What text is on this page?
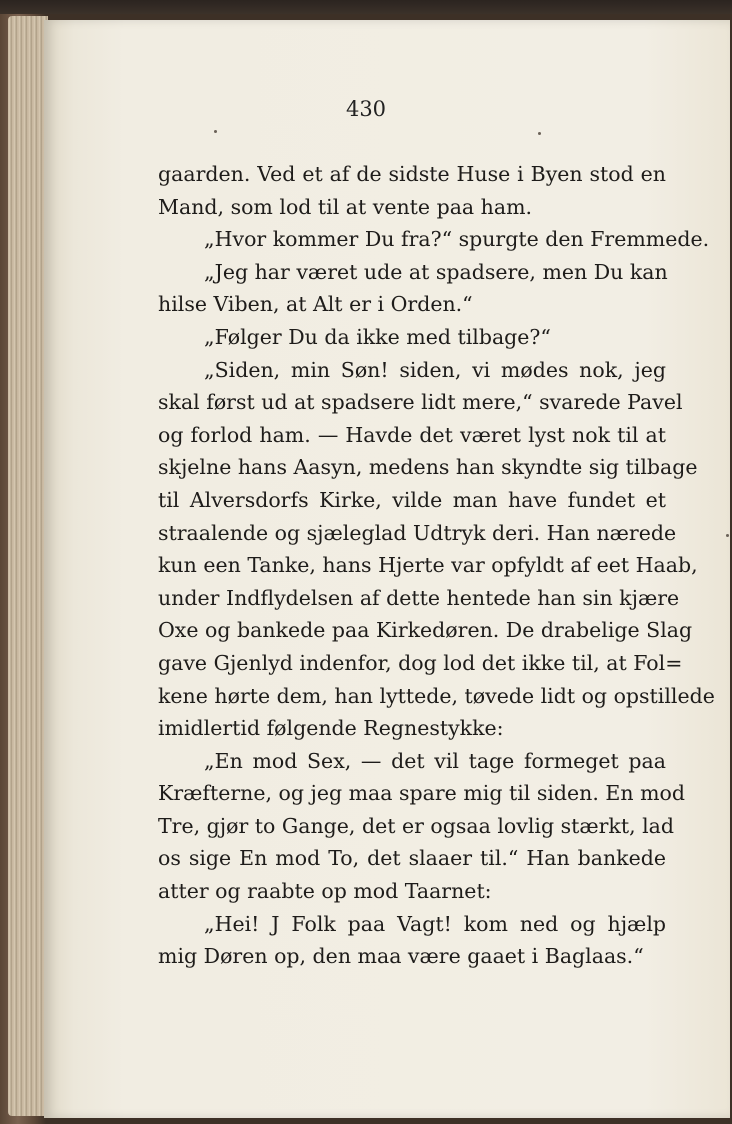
430
gaarden. Ved et af de sidste Huse i Byen stod en
Mand, som lod til at vente paa ham.
„Hvor kommer Du fra?“ spurgte den Fremmede.
„Jeg har været ude at spadsere, men Du kan
hilse Viben, at Alt er i Orden.“
„Følger Du da ikke med tilbage?“
„Siden, min Søn! siden, vi mødes nok, jeg
skal først ud at spadsere lidt mere,“ svarede Pavel
og forlod ham. — Havde det været lyst nok til at
skjelne hans Aasyn, medens han skyndte sig tilbage
til Alversdorfs Kirke, vilde man have fundet et
straalende og sjæleglad Udtryk deri. Han nærede
kun een Tanke, hans Hjerte var opfyldt af eet Haab,
under Indflydelsen af dette hentede han sin kjære
Oxe og bankede paa Kirkedøren. De drabelige Slag
gave Gjenlyd indenfor, dog lod det ikke til, at Fol=
kene hørte dem, han lyttede, tøvede lidt og opstillede
imidlertid følgende Regnestykke:
„En mod Sex, — det vil tage formeget paa
Kræfterne, og jeg maa spare mig til siden. En mod
Tre, gjør to Gange, det er ogsaa lovlig stærkt, lad
os sige En mod To, det slaaer til.“ Han bankede
atter og raabte op mod Taarnet:
„Hei! J Folk paa Vagt! kom ned og hjælp
mig Døren op, den maa være gaaet i Baglaas.“
